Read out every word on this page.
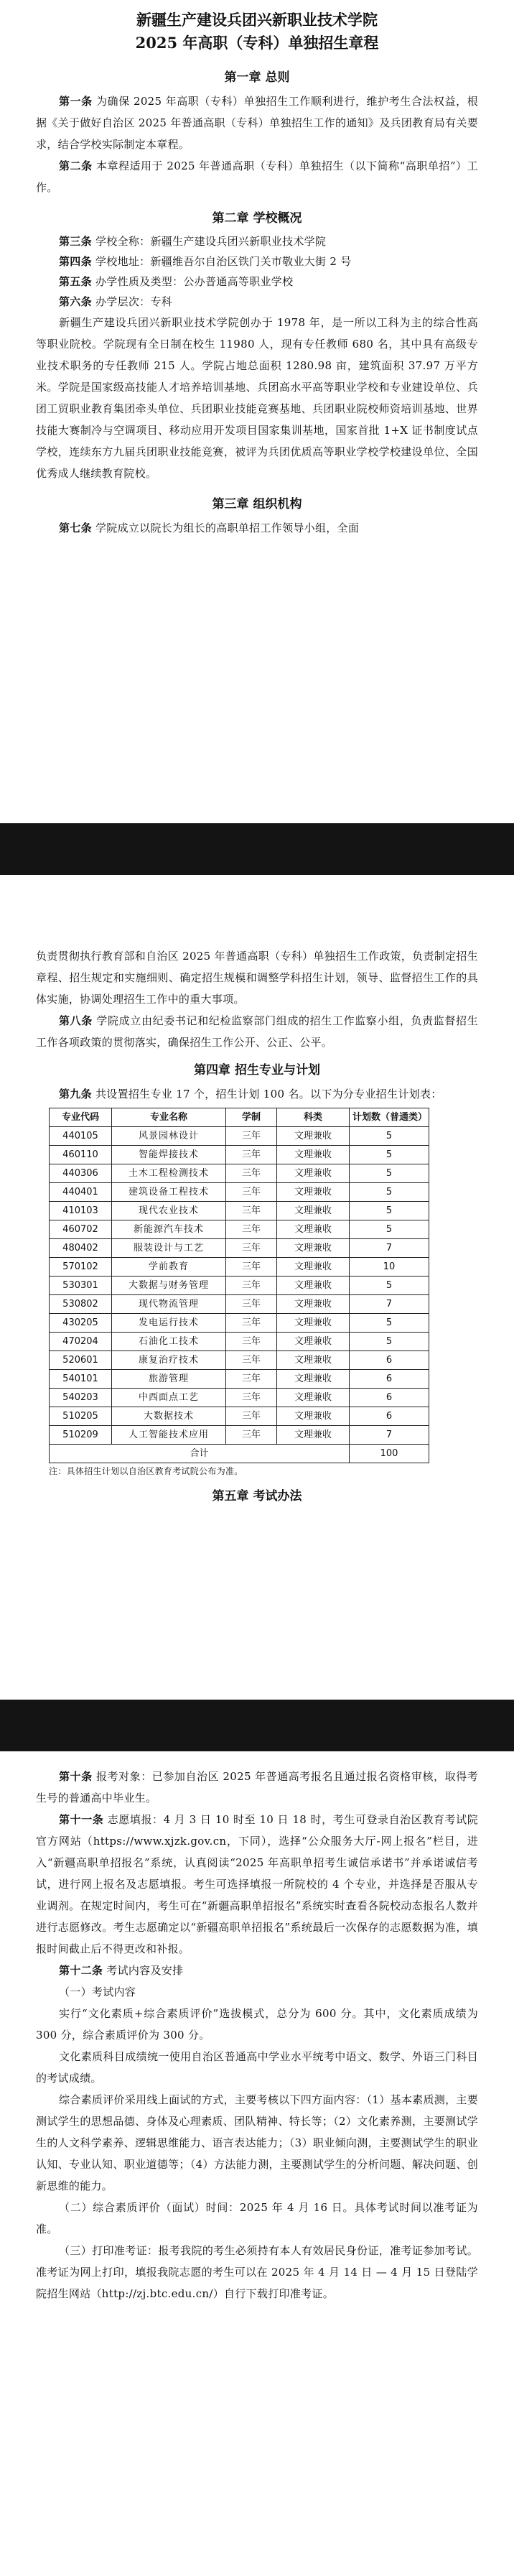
新疆生产建设兵团兴新职业技术学院
2025 年高职（专科）单独招生章程
第一章 总则

第一条 为确保 2025 年高职（专科）单独招生工作顺利进行，维护考生合法权益，根据《关于做好自治区 2025 年普通高职（专科）单独招生工作的通知》及兵团教育局有关要求，结合学校实际制定本章程。

第二条 本章程适用于 2025 年普通高职（专科）单独招生（以下简称“高职单招”）工作。

第二章 学校概况

第三条 学校全称：新疆生产建设兵团兴新职业技术学院

第四条 学校地址：新疆维吾尔自治区铁门关市敬业大街 2 号

第五条 办学性质及类型：公办普通高等职业学校

第六条 办学层次：专科

新疆生产建设兵团兴新职业技术学院创办于 1978 年，是一所以工科为主的综合性高等职业院校。学院现有全日制在校生 11980 人，现有专任教师 680 名，其中具有高级专业技术职务的专任教师 215 人。学院占地总面积 1280.98 亩，建筑面积 37.97 万平方米。学院是国家级高技能人才培养培训基地、兵团高水平高等职业学校和专业建设单位、兵团工贸职业教育集团牵头单位、兵团职业技能竞赛基地、兵团职业院校师资培训基地、世界技能大赛制冷与空调项目、移动应用开发项目国家集训基地，国家首批 1+X 证书制度试点学校，连续东方九届兵团职业技能竞赛，被评为兵团优质高等职业学校学校建设单位、全国优秀成人继续教育院校。

第三章 组织机构

第七条 学院成立以院长为组长的高职单招工作领导小组，全面

负责贯彻执行教育部和自治区 2025 年普通高职（专科）单独招生工作政策，负责制定招生章程、招生规定和实施细则、确定招生规模和调整学科招生计划，领导、监督招生工作的具体实施，协调处理招生工作中的重大事项。

第八条 学院成立由纪委书记和纪检监察部门组成的招生工作监察小组，负责监督招生工作各项政策的贯彻落实，确保招生工作公开、公正、公平。

第四章 招生专业与计划

第九条 共设置招生专业 17 个，招生计划 100 名。以下为分专业招生计划表：

专业代码	专业名称	学制	科类	计划数（普通类）
440105	风景园林设计	三年	文理兼收	5
460110	智能焊接技术	三年	文理兼收	5
440306	土木工程检测技术	三年	文理兼收	5
440401	建筑设备工程技术	三年	文理兼收	5
410103	现代农业技术	三年	文理兼收	5
460702	新能源汽车技术	三年	文理兼收	5
480402	服装设计与工艺	三年	文理兼收	7
570102	学前教育	三年	文理兼收	10
530301	大数据与财务管理	三年	文理兼收	5
530802	现代物流管理	三年	文理兼收	7
430205	发电运行技术	三年	文理兼收	5
470204	石油化工技术	三年	文理兼收	5
520601	康复治疗技术	三年	文理兼收	6
540101	旅游管理	三年	文理兼收	6
540203	中西面点工艺	三年	文理兼收	6
510205	大数据技术	三年	文理兼收	6
510209	人工智能技术应用	三年	文理兼收	7
合计				100

注：具体招生计划以自治区教育考试院公布为准。

第五章 考试办法

第十条 报考对象：已参加自治区 2025 年普通高考报名且通过报名资格审核，取得考生号的普通高中毕业生。

第十一条 志愿填报：4 月 3 日 10 时至 10 日 18 时，考生可登录自治区教育考试院官方网站（https://www.xjzk.gov.cn，下同），选择“公众服务大厅-网上报名”栏目，进入“新疆高职单招报名”系统，认真阅读“2025 年高职单招考生诚信承诺书”并承诺诚信考试，进行网上报名及志愿填报。考生可选择填报一所院校的 4 个专业，并选择是否服从专业调剂。在规定时间内，考生可在“新疆高职单招报名”系统实时查看各院校动态报名人数并进行志愿修改。考生志愿确定以“新疆高职单招报名”系统最后一次保存的志愿数据为准，填报时间截止后不得更改和补报。

第十二条 考试内容及安排

（一）考试内容

实行“文化素质+综合素质评价”选拔模式，总分为 600 分。其中，文化素质成绩为 300 分，综合素质评价为 300 分。

文化素质科目成绩统一使用自治区普通高中学业水平统考中语文、数学、外语三门科目的考试成绩。

综合素质评价采用线上面试的方式，主要考核以下四方面内容：（1）基本素质测，主要测试学生的思想品德、身体及心理素质、团队精神、特长等；（2）文化素养测，主要测试学生的人文科学素养、逻辑思维能力、语言表达能力；（3）职业倾向测，主要测试学生的职业认知、专业认知、职业道德等；（4）方法能力测，主要测试学生的分析问题、解决问题、创新思维的能力。

（二）综合素质评价（面试）时间：2025 年 4 月 16 日。具体考试时间以准考证为准。

（三）打印准考证：报考我院的考生必须持有本人有效居民身份证，准考证参加考试。准考证为网上打印，填报我院志愿的考生可以在 2025 年 4 月 14 日 — 4 月 15 日登陆学院招生网站（http://zj.btc.edu.cn/）自行下载打印准考证。
